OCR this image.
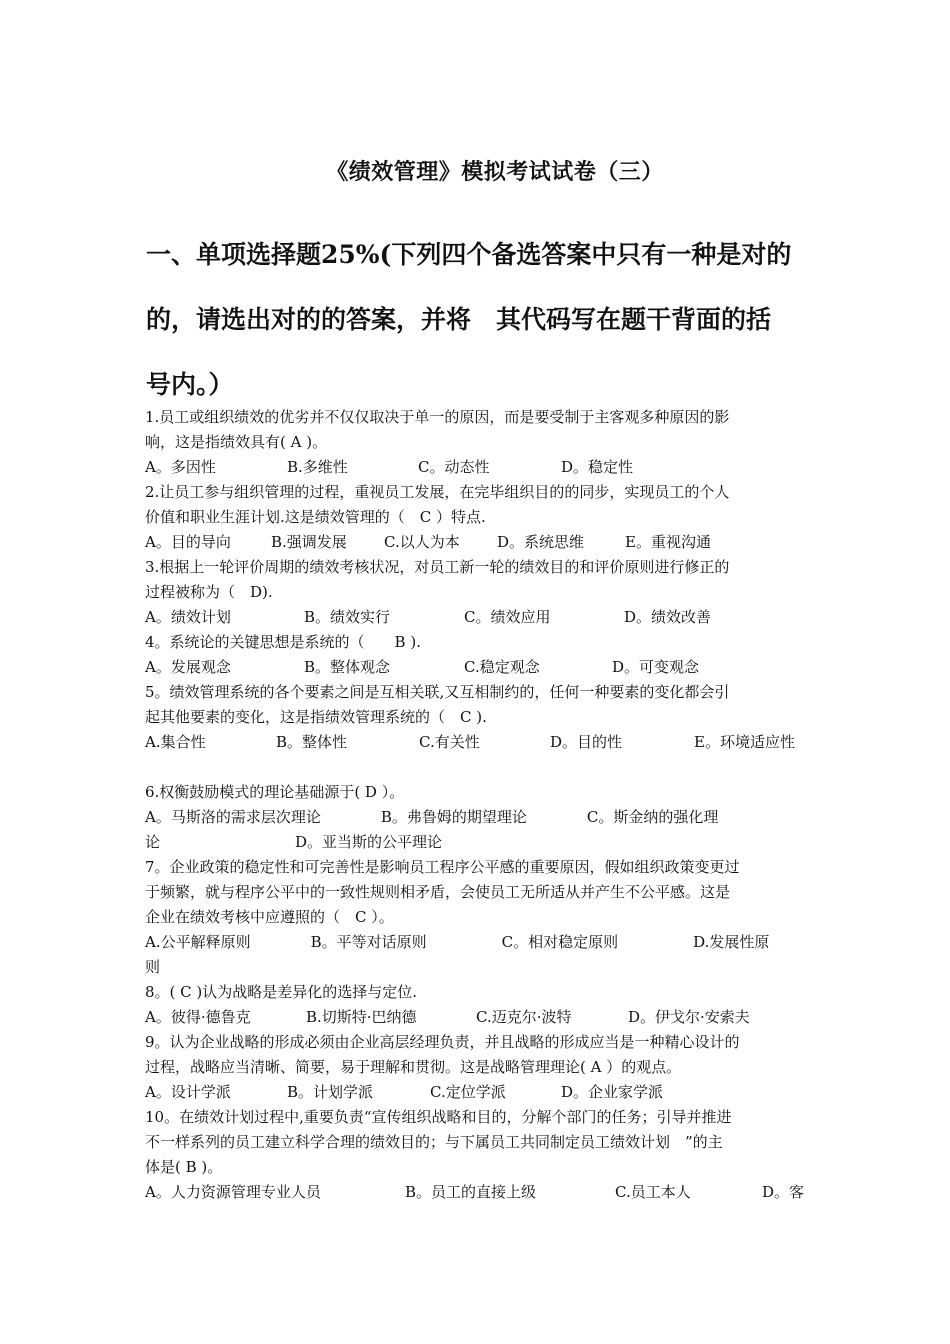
《绩效管理》模拟考试试卷（三）
一、单项选择题25%(下列四个备选答案中只有一种是对的
的，请选出对的的答案，并将　其代码写在题干背面的括
号内。）

1.员工或组织绩效的优劣并不仅仅取决于单一的原因，而是要受制于主客观多种原因的影

响，这是指绩效具有( A )。

A。多因性	B.多维性	C。动态性	D。稳定性

2.让员工参与组织管理的过程，重视员工发展，在完毕组织目的的同步，实现员工的个人

价值和职业生涯计划.这是绩效管理的（　C ）特点.

A。目的导向	B.强调发展	C.以人为本	D。系统思维	E。重视沟通

3.根据上一轮评价周期的绩效考核状况，对员工新一轮的绩效目的和评价原则进行修正的

过程被称为（　D).

A。绩效计划	B。绩效实行	C。绩效应用	D。绩效改善

4。系统论的关键思想是系统的（　　B ).

A。发展观念	B。整体观念	C.稳定观念	D。可变观念

5。绩效管理系统的各个要素之间是互相关联,又互相制约的，任何一种要素的变化都会引

起其他要素的变化，这是指绩效管理系统的（　C ).

A.集合性	B。整体性	C.有关性	D。目的性	E。环境适应性

6.权衡鼓励模式的理论基础源于( D ）。

A。马斯洛的需求层次理论　　　　B。弗鲁姆的期望理论　　　　C。斯金纳的强化理

论　　　　　　　　　D。亚当斯的公平理论

7。企业政策的稳定性和可完善性是影响员工程序公平感的重要原因，假如组织政策变更过

于频繁，就与程序公平中的一致性规则相矛盾，会使员工无所适从并产生不公平感。这是

企业在绩效考核中应遵照的（　C ）。

A.公平解释原则　　　　B。平等对话原则　　　　　C。相对稳定原则　　　　　D.发展性原

则

8。( C )认为战略是差异化的选择与定位.

A。彼得·德鲁克	B.切斯特·巴纳德	C.迈克尔·波特	D。伊戈尔·安索夫

9。认为企业战略的形成必须由企业高层经理负责，并且战略的形成应当是一种精心设计的

过程，战略应当清晰、简要，易于理解和贯彻。这是战略管理理论( A ）的观点。

A。设计学派	B。计划学派	C.定位学派	D。企业家学派

10。在绩效计划过程中,重要负责“宣传组织战略和目的，分解个部门的任务；引导并推进

不一样系列的员工建立科学合理的绩效目的；与下属员工共同制定员工绩效计划　”的主

体是( B )。

A。人力资源管理专业人员	B。员工的直接上级	C.员工本人	D。客
